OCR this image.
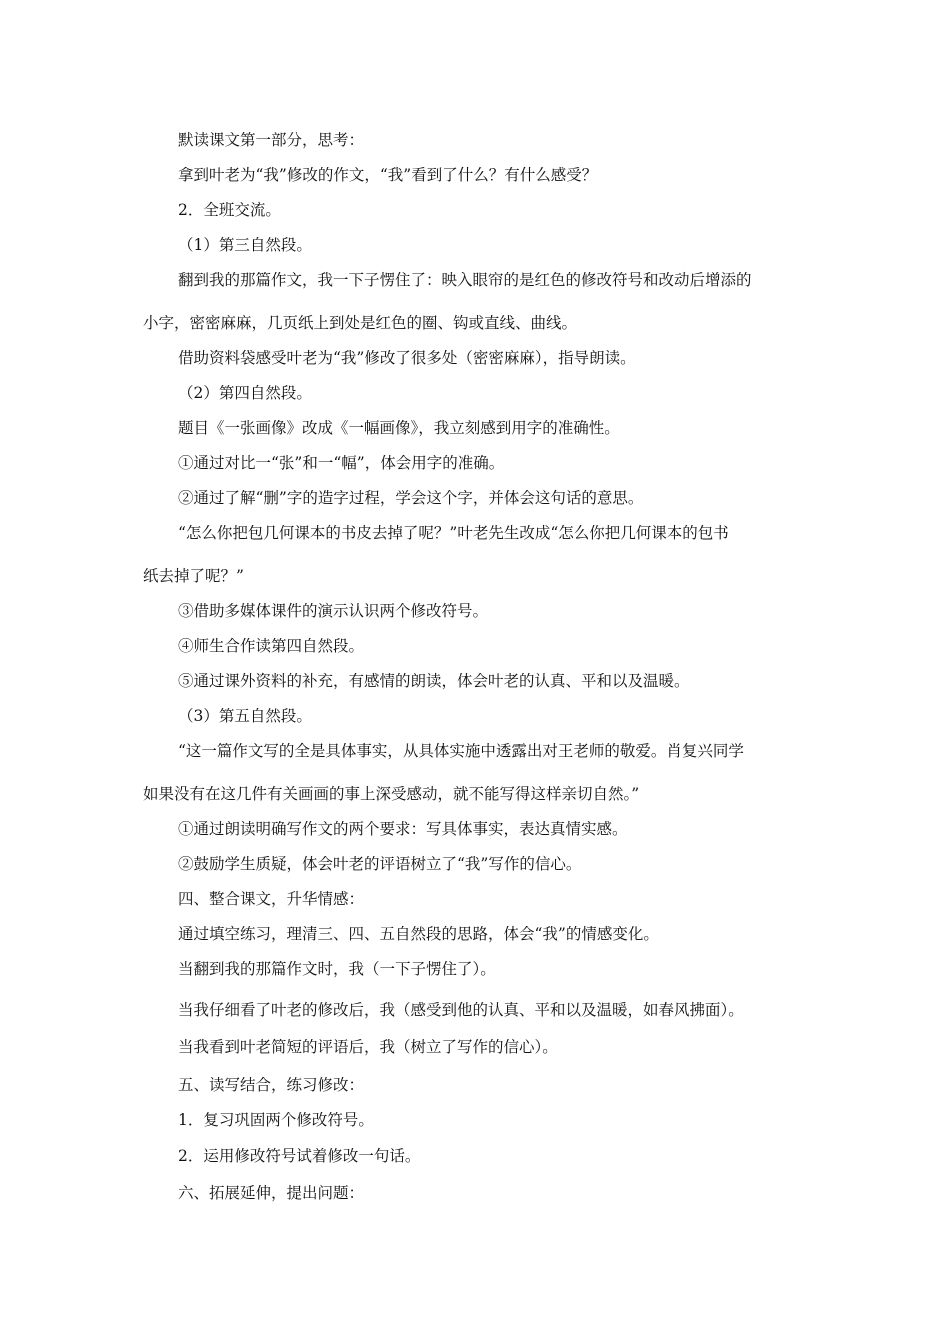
默读课文第一部分，思考：
拿到叶老为“我”修改的作文，“我”看到了什么？有什么感受？
2．全班交流。
（1）第三自然段。
翻到我的那篇作文，我一下子愣住了：映入眼帘的是红色的修改符号和改动后增添的
小字，密密麻麻，几页纸上到处是红色的圈、钩或直线、曲线。
借助资料袋感受叶老为“我”修改了很多处（密密麻麻），指导朗读。
（2）第四自然段。
题目《一张画像》改成《一幅画像》，我立刻感到用字的准确性。
①通过对比一“张”和一“幅”，体会用字的准确。
②通过了解“删”字的造字过程，学会这个字，并体会这句话的意思。
“怎么你把包几何课本的书皮去掉了呢？”叶老先生改成“怎么你把几何课本的包书
纸去掉了呢？”
③借助多媒体课件的演示认识两个修改符号。
④师生合作读第四自然段。
⑤通过课外资料的补充，有感情的朗读，体会叶老的认真、平和以及温暖。
（3）第五自然段。
“这一篇作文写的全是具体事实，从具体实施中透露出对王老师的敬爱。肖复兴同学
如果没有在这几件有关画画的事上深受感动，就不能写得这样亲切自然。”
①通过朗读明确写作文的两个要求：写具体事实，表达真情实感。
②鼓励学生质疑，体会叶老的评语树立了“我”写作的信心。
四、整合课文，升华情感：
通过填空练习，理清三、四、五自然段的思路，体会“我”的情感变化。
当翻到我的那篇作文时，我（一下子愣住了）。
当我仔细看了叶老的修改后，我（感受到他的认真、平和以及温暖，如春风拂面）。
当我看到叶老简短的评语后，我（树立了写作的信心）。
五、读写结合，练习修改：
1．复习巩固两个修改符号。
2．运用修改符号试着修改一句话。
六、拓展延伸，提出问题：
